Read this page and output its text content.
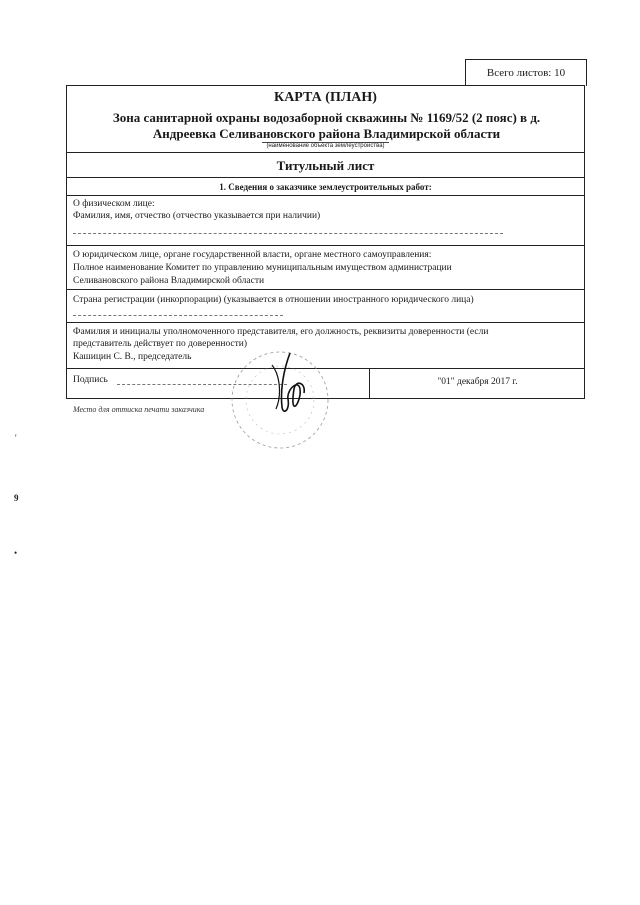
Всего листов: 10
КАРТА (ПЛАН)
Зона санитарной охраны водозаборной скважины № 1169/52 (2 пояс) в д.
Андреевка Селивановского района Владимирской области
(наименование объекта землеустройства)
Титульный лист
1. Сведения о заказчике землеустроительных работ:
О физическом лице:
Фамилия, имя, отчество (отчество указывается при наличии)
О юридическом лице, органе государственной власти, органе местного самоуправления:
Полное наименование Комитет по управлению муниципальным имуществом администрации
Селивановского района Владимирской области
Страна регистрации (инкорпорации) (указывается в отношении иностранного юридического лица)
Фамилия и инициалы уполномоченного представителя, его должность, реквизиты доверенности (если
представитель действует по доверенности)
Кашицин С. В., председатель
Подпись	"01" декабря 2017 г.
Место для оттиска печати заказчика
'
9
•
